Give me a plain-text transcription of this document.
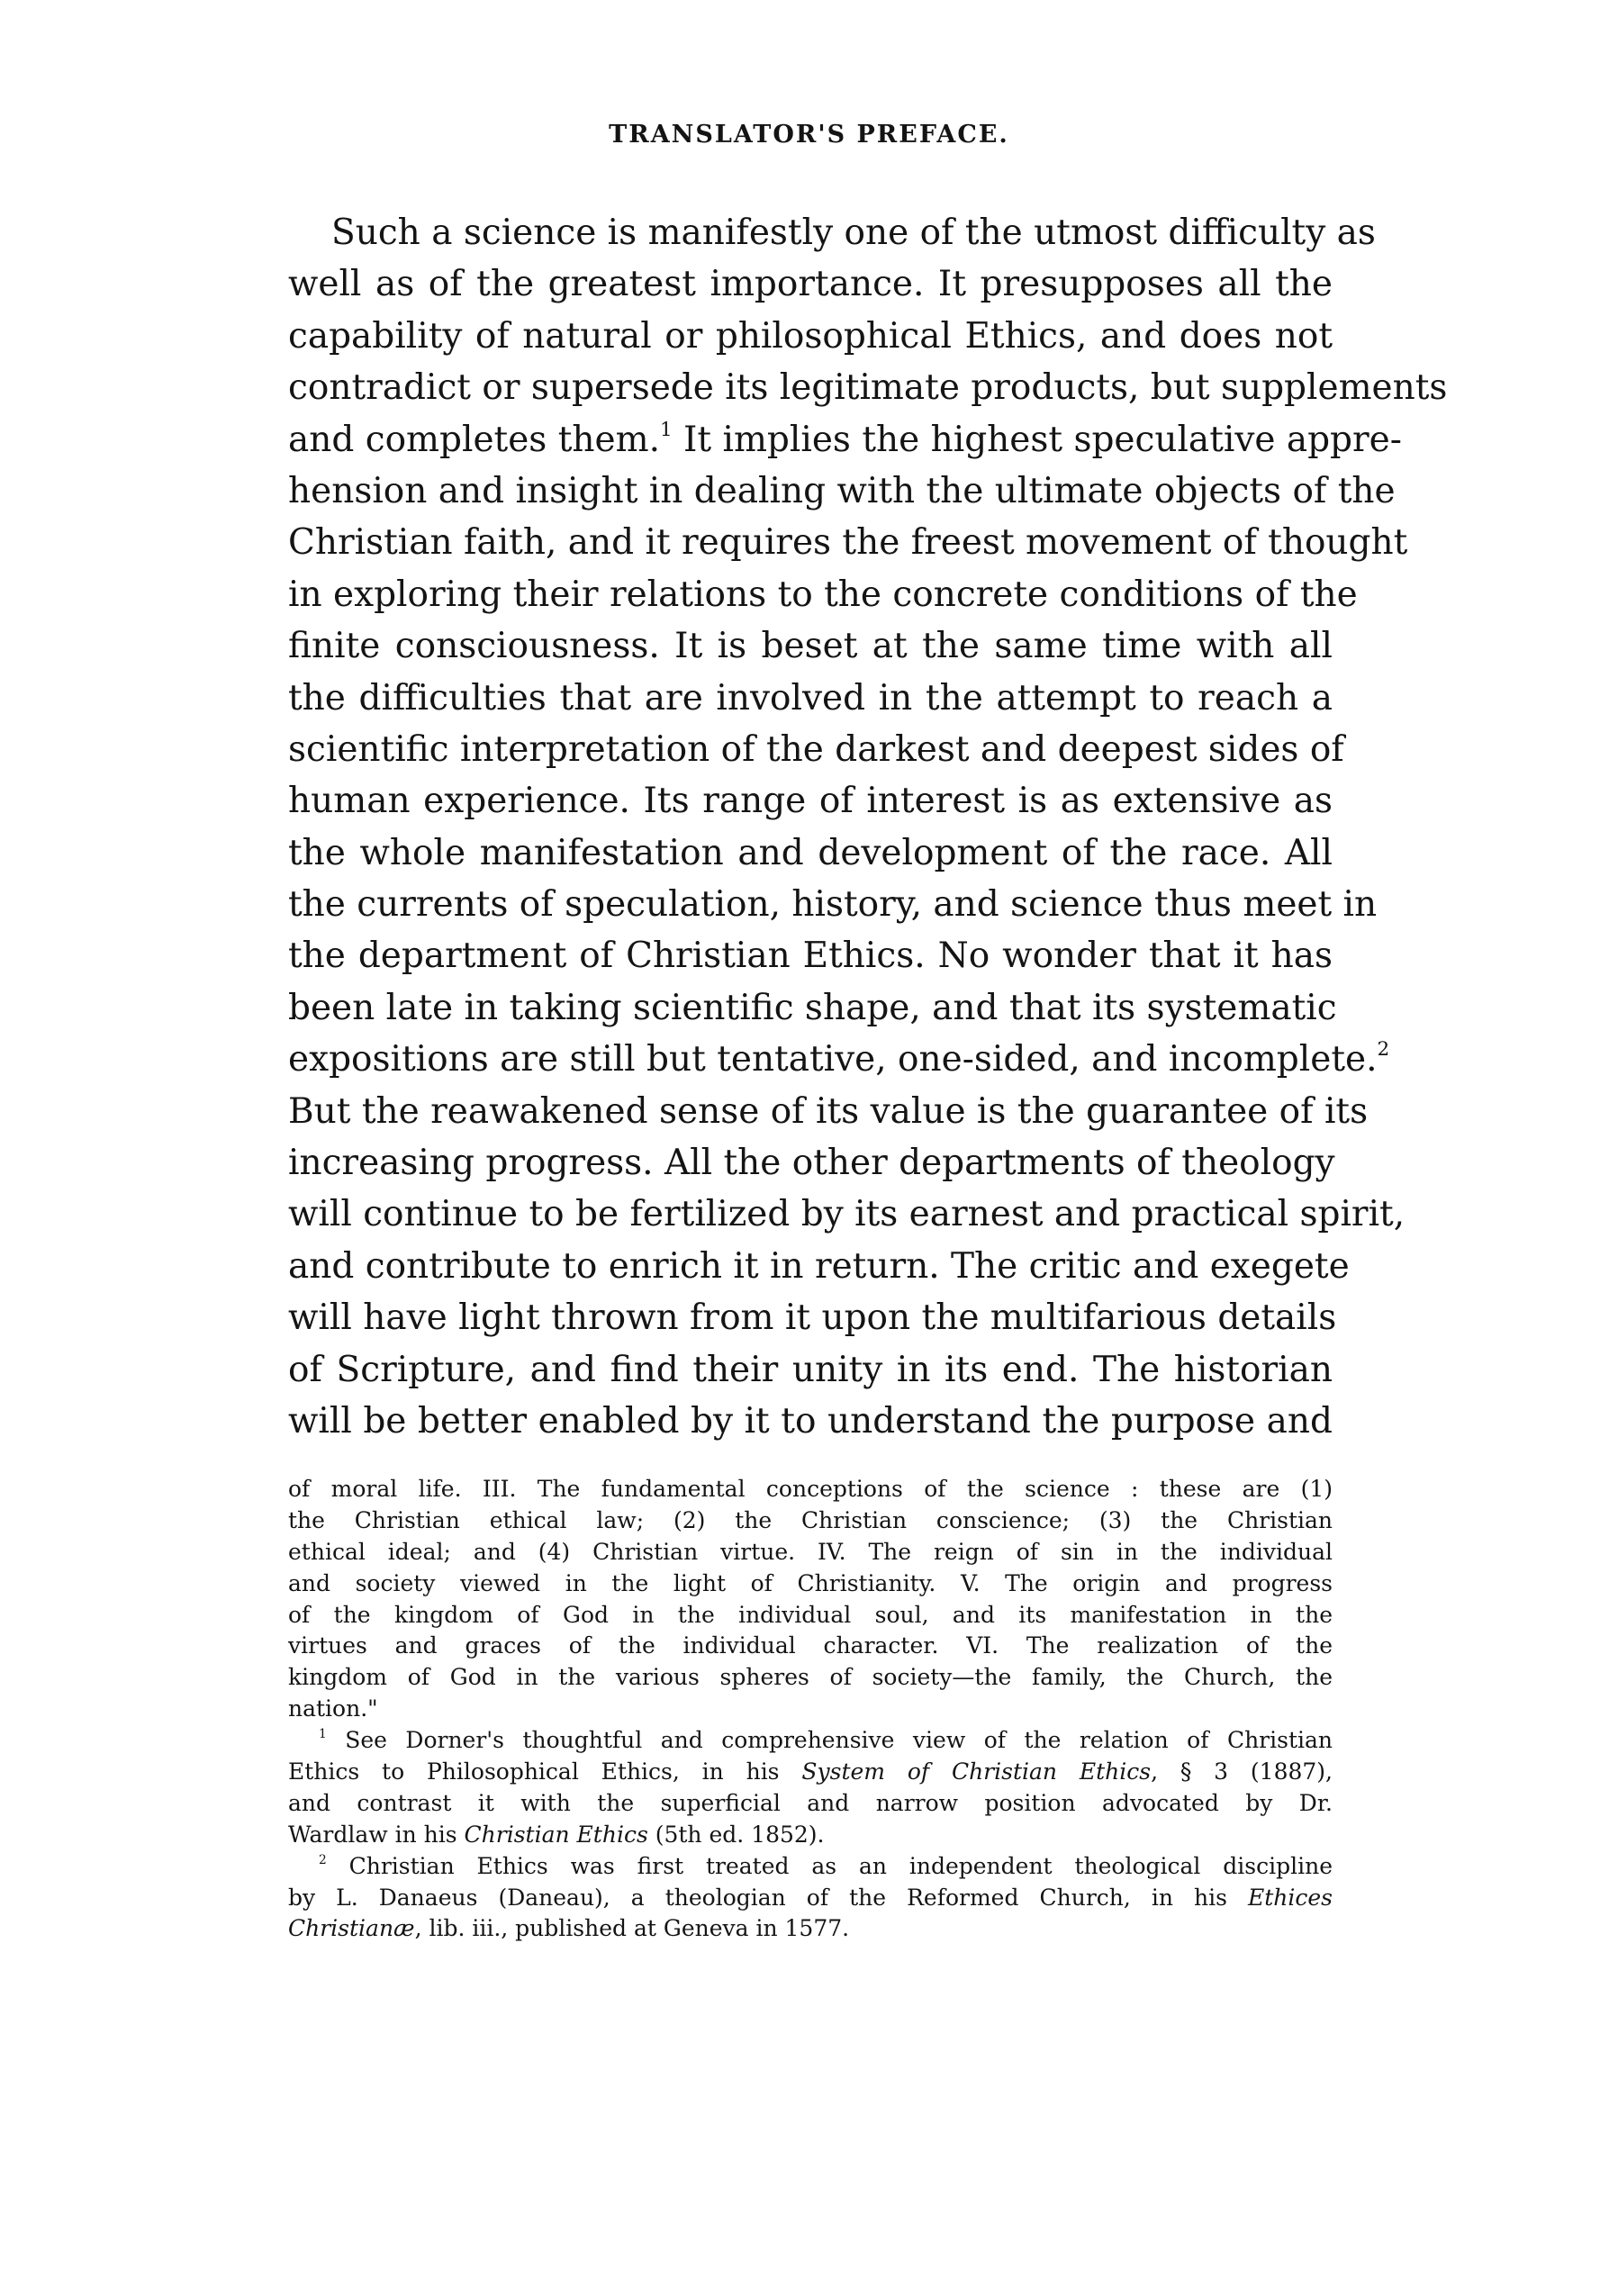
TRANSLATOR'S PREFACE.
Such a science is manifestly one of the utmost difficulty as
well as of the greatest importance. It presupposes all the
capability of natural or philosophical Ethics, and does not
contradict or supersede its legitimate products, but supplements
and completes them.$^1$ It implies the highest speculative appre-
hension and insight in dealing with the ultimate objects of the
Christian faith, and it requires the freest movement of thought
in exploring their relations to the concrete conditions of the
finite consciousness. It is beset at the same time with all
the difficulties that are involved in the attempt to reach a
scientific interpretation of the darkest and deepest sides of
human experience. Its range of interest is as extensive as
the whole manifestation and development of the race. All
the currents of speculation, history, and science thus meet in
the department of Christian Ethics. No wonder that it has
been late in taking scientific shape, and that its systematic
expositions are still but tentative, one-sided, and incomplete.$^2$
But the reawakened sense of its value is the guarantee of its
increasing progress. All the other departments of theology
will continue to be fertilized by its earnest and practical spirit,
and contribute to enrich it in return. The critic and exegete
will have light thrown from it upon the multifarious details
of Scripture, and find their unity in its end. The historian
will be better enabled by it to understand the purpose and
of moral life. III. The fundamental conceptions of the science : these are (1)
the Christian ethical law; (2) the Christian conscience; (3) the Christian
ethical ideal; and (4) Christian virtue. IV. The reign of sin in the individual
and society viewed in the light of Christianity. V. The origin and progress
of the kingdom of God in the individual soul, and its manifestation in the
virtues and graces of the individual character. VI. The realization of the
kingdom of God in the various spheres of society—the family, the Church, the
nation."
$^1$ See Dorner's thoughtful and comprehensive view of the relation of Christian
Ethics to Philosophical Ethics, in his System of Christian Ethics, § 3 (1887),
and contrast it with the superficial and narrow position advocated by Dr.
Wardlaw in his Christian Ethics (5th ed. 1852).
$^2$ Christian Ethics was first treated as an independent theological discipline
by L. Danaeus (Daneau), a theologian of the Reformed Church, in his Ethices
Christianæ, lib. iii., published at Geneva in 1577.
